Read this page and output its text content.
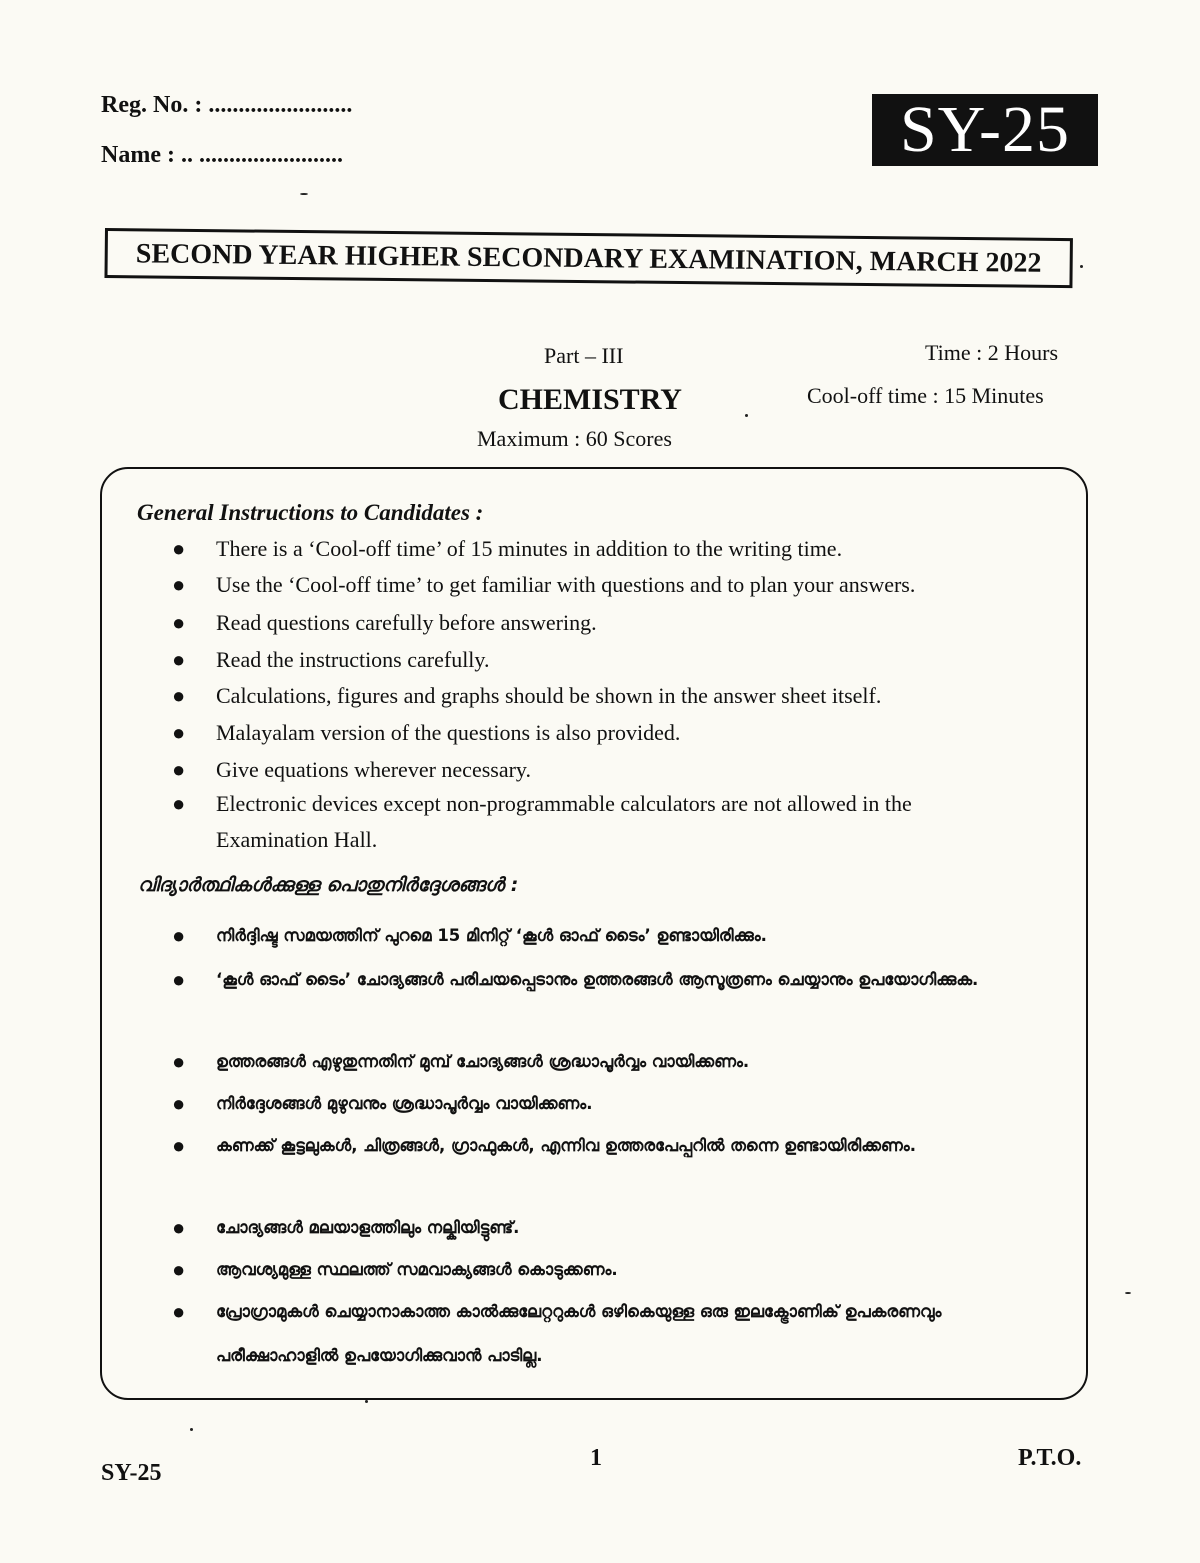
Reg. No. : ........................
Name : .. ........................	SY-25
SECOND YEAR HIGHER SECONDARY EXAMINATION, MARCH 2022
Part – III
CHEMISTRY
Maximum : 60 Scores
Time : 2 Hours
Cool-off time : 15 Minutes
General Instructions to Candidates :
●	There is a ‘Cool-off time’ of 15 minutes in addition to the writing time.
●	Use the ‘Cool-off time’ to get familiar with questions and to plan your answers.
●	Read questions carefully before answering.
●	Read the instructions carefully.
●	Calculations, figures and graphs should be shown in the answer sheet itself.
●	Malayalam version of the questions is also provided.
●	Give equations wherever necessary.
●	Electronic devices except non-programmable calculators are not allowed in the Examination Hall.
വിദ്യാർത്ഥികൾക്കുള്ള പൊതുനിർദ്ദേശങ്ങൾ :
●	നിർദ്ദിഷ്ട സമയത്തിന് പുറമെ 15 മിനിറ്റ് ‘കൂൾ ഓഫ് ടൈം’ ഉണ്ടായിരിക്കും.
●	‘കൂൾ ഓഫ് ടൈം’ ചോദ്യങ്ങൾ പരിചയപ്പെടാനും ഉത്തരങ്ങൾ ആസൂത്രണം ചെയ്യാനും ഉപയോഗിക്കുക.
●	ഉത്തരങ്ങൾ എഴുതുന്നതിന് മുമ്പ് ചോദ്യങ്ങൾ ശ്രദ്ധാപൂർവ്വം വായിക്കണം.
●	നിർദ്ദേശങ്ങൾ മുഴുവനും ശ്രദ്ധാപൂർവ്വം വായിക്കണം.
●	കണക്ക് കൂട്ടലുകൾ, ചിത്രങ്ങൾ, ഗ്രാഫുകൾ, എന്നിവ ഉത്തരപേപ്പറിൽ തന്നെ ഉണ്ടായിരിക്കണം.
●	ചോദ്യങ്ങൾ മലയാളത്തിലും നല്കിയിട്ടുണ്ട്.
●	ആവശ്യമുള്ള സ്ഥലത്ത് സമവാക്യങ്ങൾ കൊടുക്കണം.
●	പ്രോഗ്രാമുകൾ ചെയ്യാനാകാത്ത കാൽക്കുലേറ്ററുകൾ ഒഴികെയുള്ള ഒരു ഇലക്ട്രോണിക് ഉപകരണവും പരീക്ഷാഹാളിൽ ഉപയോഗിക്കുവാൻ പാടില്ല.
SY-25
1	P.T.O.
